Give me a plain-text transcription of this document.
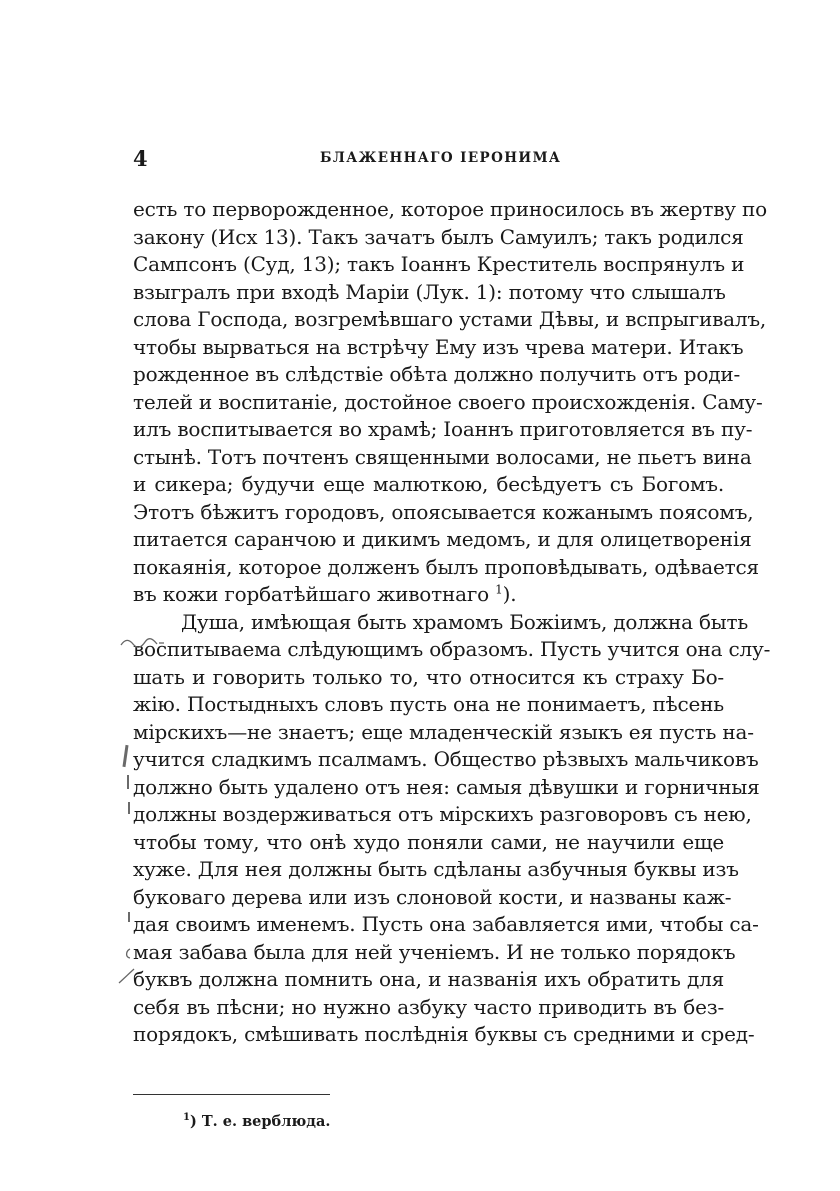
4	БЛАЖЕННАГО ІЕРОНИМА
есть то перворожденное, которое приносилось въ жертву по
закону (Исх 13). Такъ зачатъ былъ Самуилъ; такъ родился
Сампсонъ (Суд, 13); такъ Іоаннъ Креститель воспрянулъ и
взыгралъ при входѣ Маріи (Лук. 1): потому что слышалъ
слова Господа, возгремѣвшаго устами Дѣвы, и вспрыгивалъ,
чтобы вырваться на встрѣчу Ему изъ чрева матери. Итакъ
рожденное въ слѣдствіе обѣта должно получить отъ роди-
телей и воспитаніе, достойное своего происхожденія. Саму-
илъ воспитывается во храмѣ; Іоаннъ приготовляется въ пу-
стынѣ. Тотъ почтенъ священными волосами, не пьетъ вина
и сикера; будучи еще малюткою, бесѣдуетъ съ Богомъ.
Этотъ бѣжитъ городовъ, опоясывается кожанымъ поясомъ,
питается саранчою и дикимъ медомъ, и для олицетворенія
покаянія, которое долженъ былъ проповѣдывать, одѣвается
въ кожи горбатѣйшаго животнаго $^1$).
Душа, имѣющая быть храмомъ Божіимъ, должна быть
воспитываема слѣдующимъ образомъ. Пусть учится она слу-
шать и говорить только то, что относится къ страху Бо-
жію. Постыдныхъ словъ пусть она не понимаетъ, пѣсень
мірскихъ—не знаетъ; еще младенческій языкъ ея пусть на-
учится сладкимъ псалмамъ. Общество рѣзвыхъ мальчиковъ
должно быть удалено отъ нея: самыя дѣвушки и горничныя
должны воздерживаться отъ мірскихъ разговоровъ съ нею,
чтобы тому, что онѣ худо поняли сами, не научили еще
хуже. Для нея должны быть сдѣланы азбучныя буквы изъ
буковаго дерева или изъ слоновой кости, и названы каж-
дая своимъ именемъ. Пусть она забавляется ими, чтобы са-
мая забава была для ней ученіемъ. И не только порядокъ
буквъ должна помнить она, и названія ихъ обратить для
себя въ пѣсни; но нужно азбуку часто приводить въ без-
порядокъ, смѣшивать послѣднія буквы съ средними и сред-
$^1$) Т. е. верблюда.
